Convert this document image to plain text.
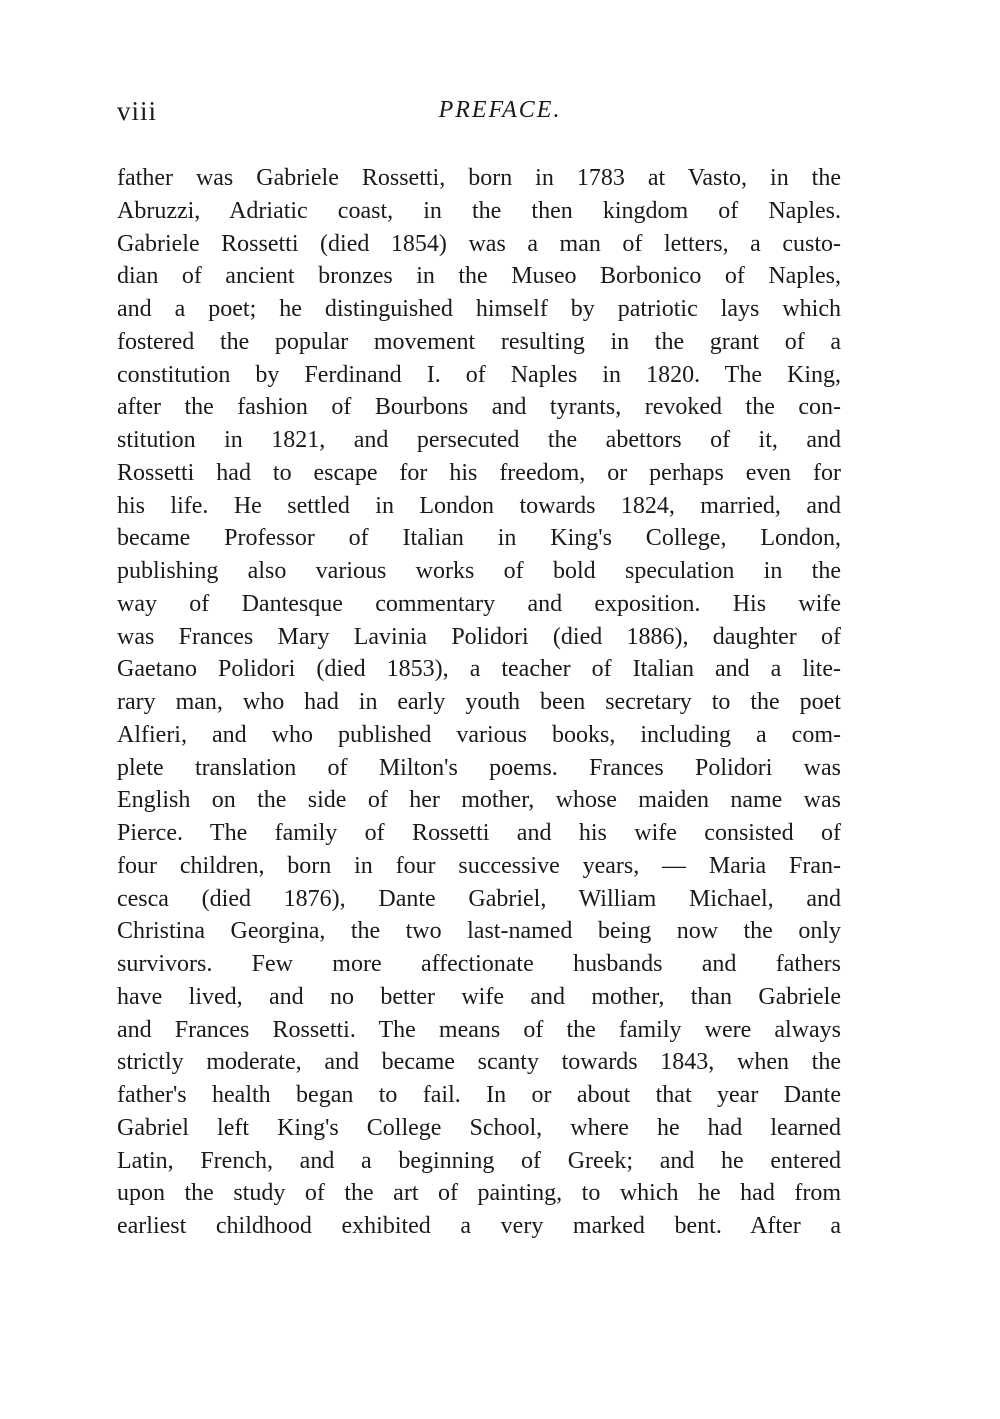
viii	PREFACE.
father was Gabriele Rossetti, born in 1783 at Vasto, in the
Abruzzi, Adriatic coast, in the then kingdom of Naples.
Gabriele Rossetti (died 1854) was a man of letters, a custo-
dian of ancient bronzes in the Museo Borbonico of Naples,
and a poet; he distinguished himself by patriotic lays which
fostered the popular movement resulting in the grant of a
constitution by Ferdinand I. of Naples in 1820. The King,
after the fashion of Bourbons and tyrants, revoked the con-
stitution in 1821, and persecuted the abettors of it, and
Rossetti had to escape for his freedom, or perhaps even for
his life. He settled in London towards 1824, married, and
became Professor of Italian in King's College, London,
publishing also various works of bold speculation in the
way of Dantesque commentary and exposition. His wife
was Frances Mary Lavinia Polidori (died 1886), daughter of
Gaetano Polidori (died 1853), a teacher of Italian and a lite-
rary man, who had in early youth been secretary to the poet
Alfieri, and who published various books, including a com-
plete translation of Milton's poems. Frances Polidori was
English on the side of her mother, whose maiden name was
Pierce. The family of Rossetti and his wife consisted of
four children, born in four successive years, — Maria Fran-
cesca (died 1876), Dante Gabriel, William Michael, and
Christina Georgina, the two last-named being now the only
survivors. Few more affectionate husbands and fathers
have lived, and no better wife and mother, than Gabriele
and Frances Rossetti. The means of the family were always
strictly moderate, and became scanty towards 1843, when the
father's health began to fail. In or about that year Dante
Gabriel left King's College School, where he had learned
Latin, French, and a beginning of Greek; and he entered
upon the study of the art of painting, to which he had from
earliest childhood exhibited a very marked bent. After a
